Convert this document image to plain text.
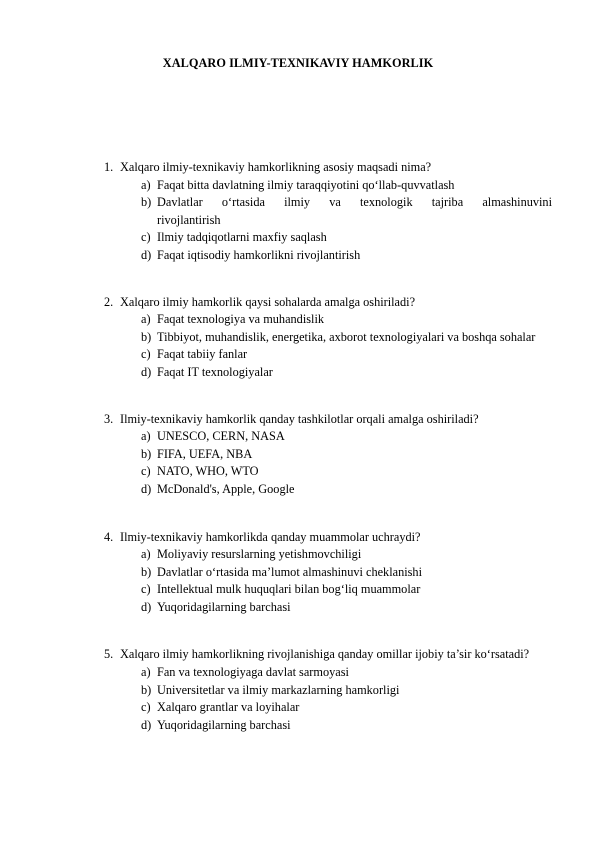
XALQARO ILMIY-TEXNIKAVIY HAMKORLIK
1. Xalqaro ilmiy-texnikaviy hamkorlikning asosiy maqsadi nima?
a) Faqat bitta davlatning ilmiy taraqqiyotini qo‘llab-quvvatlash
b) Davlatlar o‘rtasida ilmiy va texnologik tajriba almashinuvini rivojlantirish
c) Ilmiy tadqiqotlarni maxfiy saqlash
d) Faqat iqtisodiy hamkorlikni rivojlantirish
2. Xalqaro ilmiy hamkorlik qaysi sohalarda amalga oshiriladi?
a) Faqat texnologiya va muhandislik
b) Tibbiyot, muhandislik, energetika, axborot texnologiyalari va boshqa sohalar
c) Faqat tabiiy fanlar
d) Faqat IT texnologiyalar
3. Ilmiy-texnikaviy hamkorlik qanday tashkilotlar orqali amalga oshiriladi?
a) UNESCO, CERN, NASA
b) FIFA, UEFA, NBA
c) NATO, WHO, WTO
d) McDonald's, Apple, Google
4. Ilmiy-texnikaviy hamkorlikda qanday muammolar uchraydi?
a) Moliyaviy resurslarning yetishmovchiligi
b) Davlatlar o‘rtasida ma’lumot almashinuvi cheklanishi
c) Intellektual mulk huquqlari bilan bog‘liq muammolar
d) Yuqoridagilarning barchasi
5. Xalqaro ilmiy hamkorlikning rivojlanishiga qanday omillar ijobiy ta’sir ko‘rsatadi?
a) Fan va texnologiyaga davlat sarmoyasi
b) Universitetlar va ilmiy markazlarning hamkorligi
c) Xalqaro grantlar va loyihalar
d) Yuqoridagilarning barchasi
